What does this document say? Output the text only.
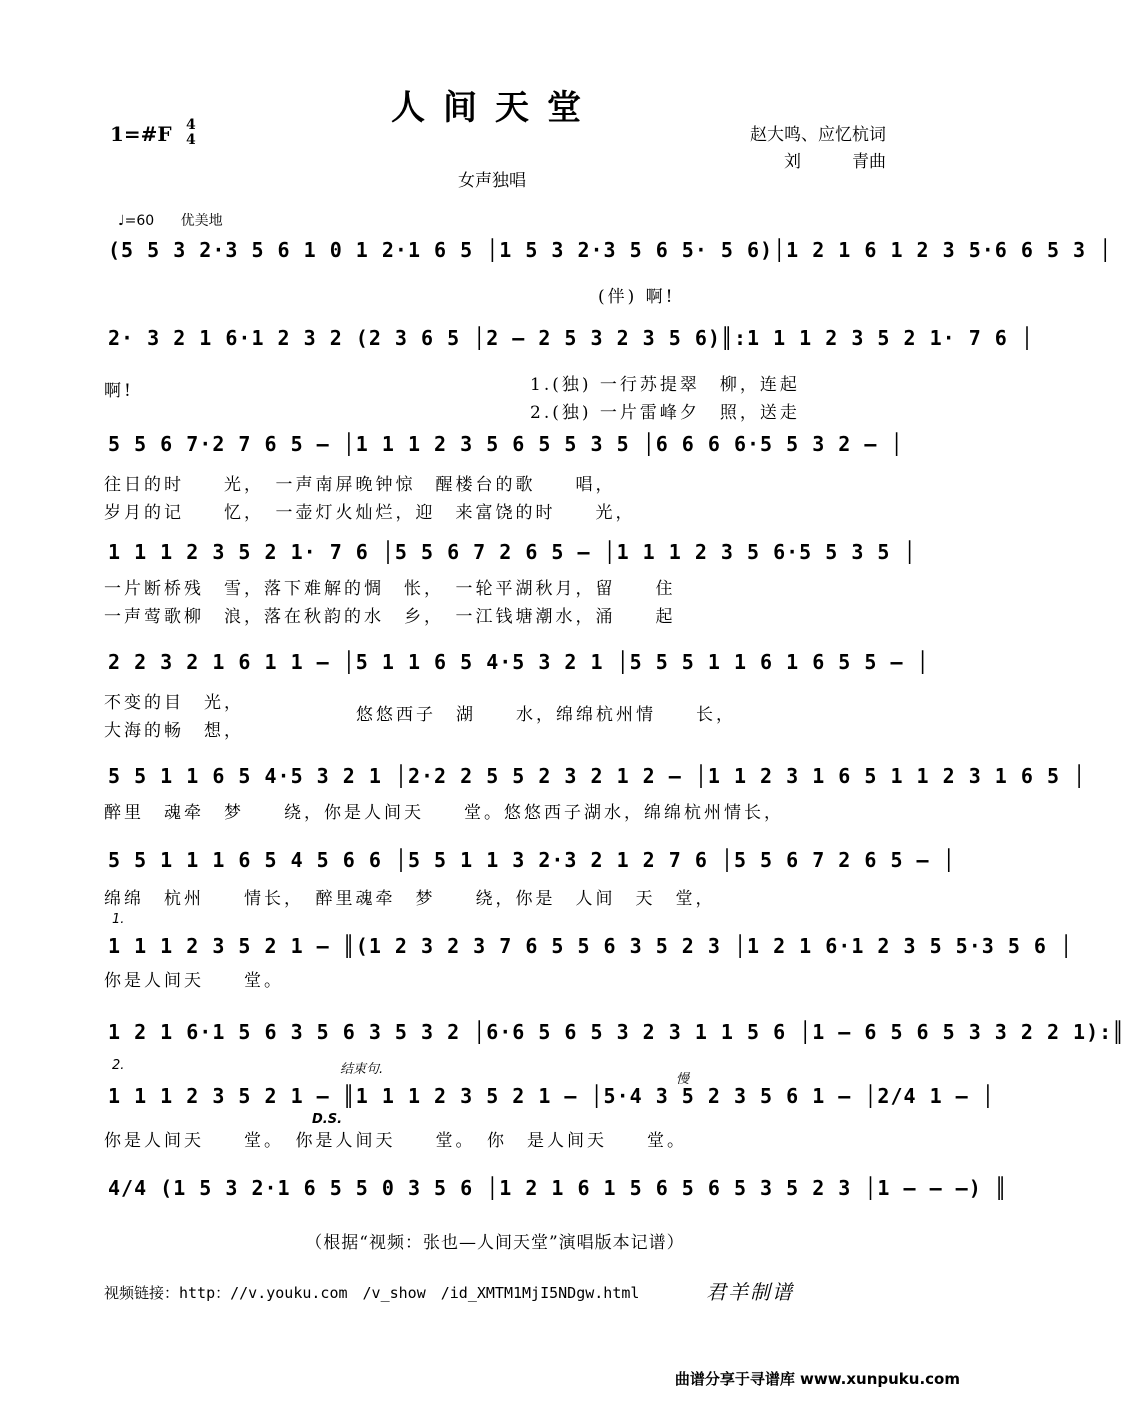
人间天堂
1=#F 4
4	赵大鸣、应忆杭词
刘　　　青曲
女声独唱
♩=60 优美地
(5 5 3 2·3 5 6 1 0 1 2·1 6 5 │1 5 3 2·3 5 6 5· 5 6)│1 2 1 6 1 2 3 5·6 6 5 3 │
(伴) 啊!
2· 3 2 1 6·1 2 3 2 (2 3 6 5 │2 – 2 5 3 2 3 5 6)║:1 1 1 2 3 5 2 1· 7 6 │
啊!	1.(独) 一行苏提翠　柳，连起
2.(独) 一片雷峰夕　照，送走
5 5 6 7·2 7 6 5 – │1 1 1 2 3 5 6 5 5 3 5 │6 6 6 6·5 5 3 2 – │
往日的时　　光，　一声南屏晚钟惊　醒楼台的歌　　唱，
岁月的记　　忆，　一壶灯火灿烂，迎　来富饶的时　　光，
1 1 1 2 3 5 2 1· 7 6 │5 5 6 7 2 6 5 – │1 1 1 2 3 5 6·5 5 3 5 │
一片断桥残　雪，落下难解的惆　怅，　一轮平湖秋月，留　　住
一声莺歌柳　浪，落在秋韵的水　乡，　一江钱塘潮水，涌　　起
2 2 3 2 1 6 1 1 – │5 1 1 6 5 4·5 3 2 1 │5 5 5 1 1 6 1 6 5 5 – │
不变的目　光，
大海的畅　想，
悠悠西子　湖　　水，绵绵杭州情　　长，
5 5 1 1 6 5 4·5 3 2 1 │2·2 2 5 5 2 3 2 1 2 – │1 1 2 3 1 6 5 1 1 2 3 1 6 5 │
醉里　魂牵　梦　　绕，你是人间天　　堂。悠悠西子湖水，绵绵杭州情长，
5 5 1 1 1 6 5 4 5 6 6 │5 5 1 1 3 2·3 2 1 2 7 6 │5 5 6 7 2 6 5 – │
绵绵　杭州　　情长，　醉里魂牵　梦　　绕，你是　人间　天　堂，
1.
1 1 1 2 3 5 2 1 – ║(1 2 3 2 3 7 6 5 5 6 3 5 2 3 │1 2 1 6·1 2 3 5 5·3 5 6 │
你是人间天　　堂。
1 2 1 6·1 5 6 3 5 6 3 5 3 2 │6·6 5 6 5 3 2 3 1 1 5 6 │1 – 6 5 6 5 3 3 2 2 1):║
2.	结束句.
慢
1 1 1 2 3 5 2 1 – ║1 1 1 2 3 5 2 1 – │5·4 3 5 2 3 5 6 1 – │2/4 1 – │
D.S.
你是人间天　　堂。　你是人间天　　堂。　你　是人间天　　堂。
4/4 (1 5 3 2·1 6 5 5 0 3 5 6 │1 2 1 6 1 5 6 5 6 5 3 5 2 3 │1 – – –) ║
（根据“视频：张也—人间天堂”演唱版本记谱）
视频链接：http：//v.youku.com　/v_show　/id_XMTM1MjI5NDgw.html	君羊制谱
曲谱分享于寻谱库 www.xunpuku.com
